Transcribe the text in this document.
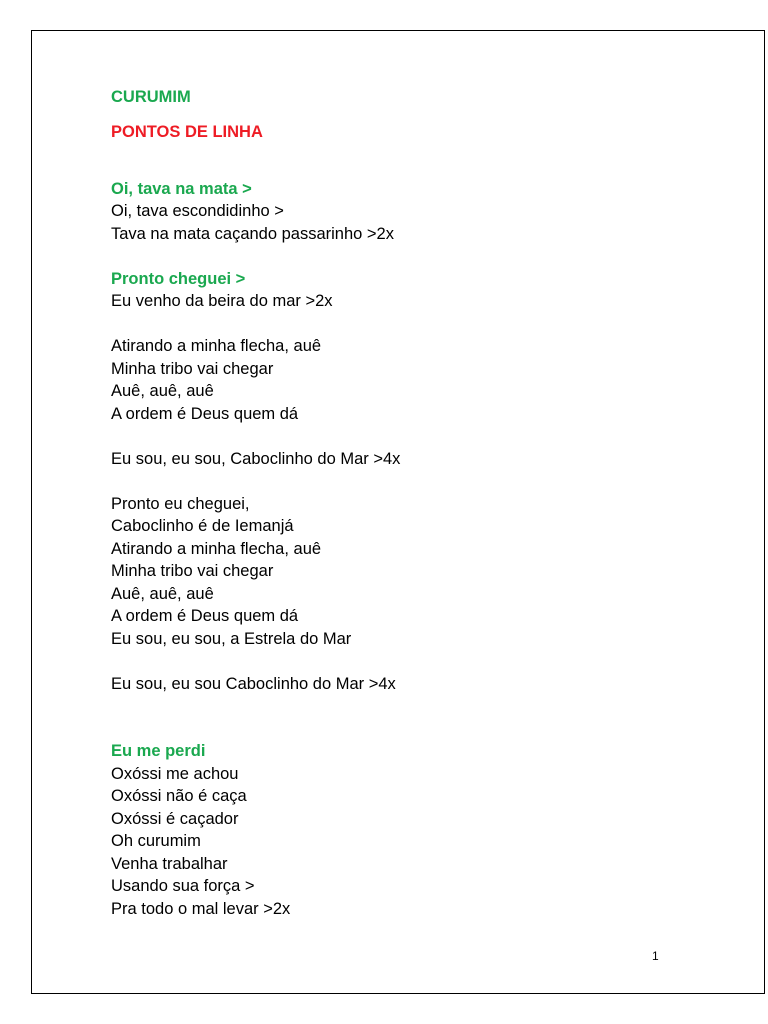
CURUMIM
PONTOS DE LINHA
Oi, tava na mata >
Oi, tava escondidinho >
Tava na mata caçando passarinho >2x
Pronto cheguei >
Eu venho da beira do mar >2x
Atirando a minha flecha, auê
Minha tribo vai chegar
Auê, auê, auê
A ordem é Deus quem dá
Eu sou, eu sou, Caboclinho do Mar >4x
Pronto eu cheguei,
Caboclinho é de Iemanjá
Atirando a minha flecha, auê
Minha tribo vai chegar
Auê, auê, auê
A ordem é Deus quem dá
Eu sou, eu sou, a Estrela do Mar
Eu sou, eu sou Caboclinho do Mar >4x
Eu me perdi
Oxóssi me achou
Oxóssi não é caça
Oxóssi é caçador
Oh curumim
Venha trabalhar
Usando sua força >
Pra todo o mal levar >2x
1
